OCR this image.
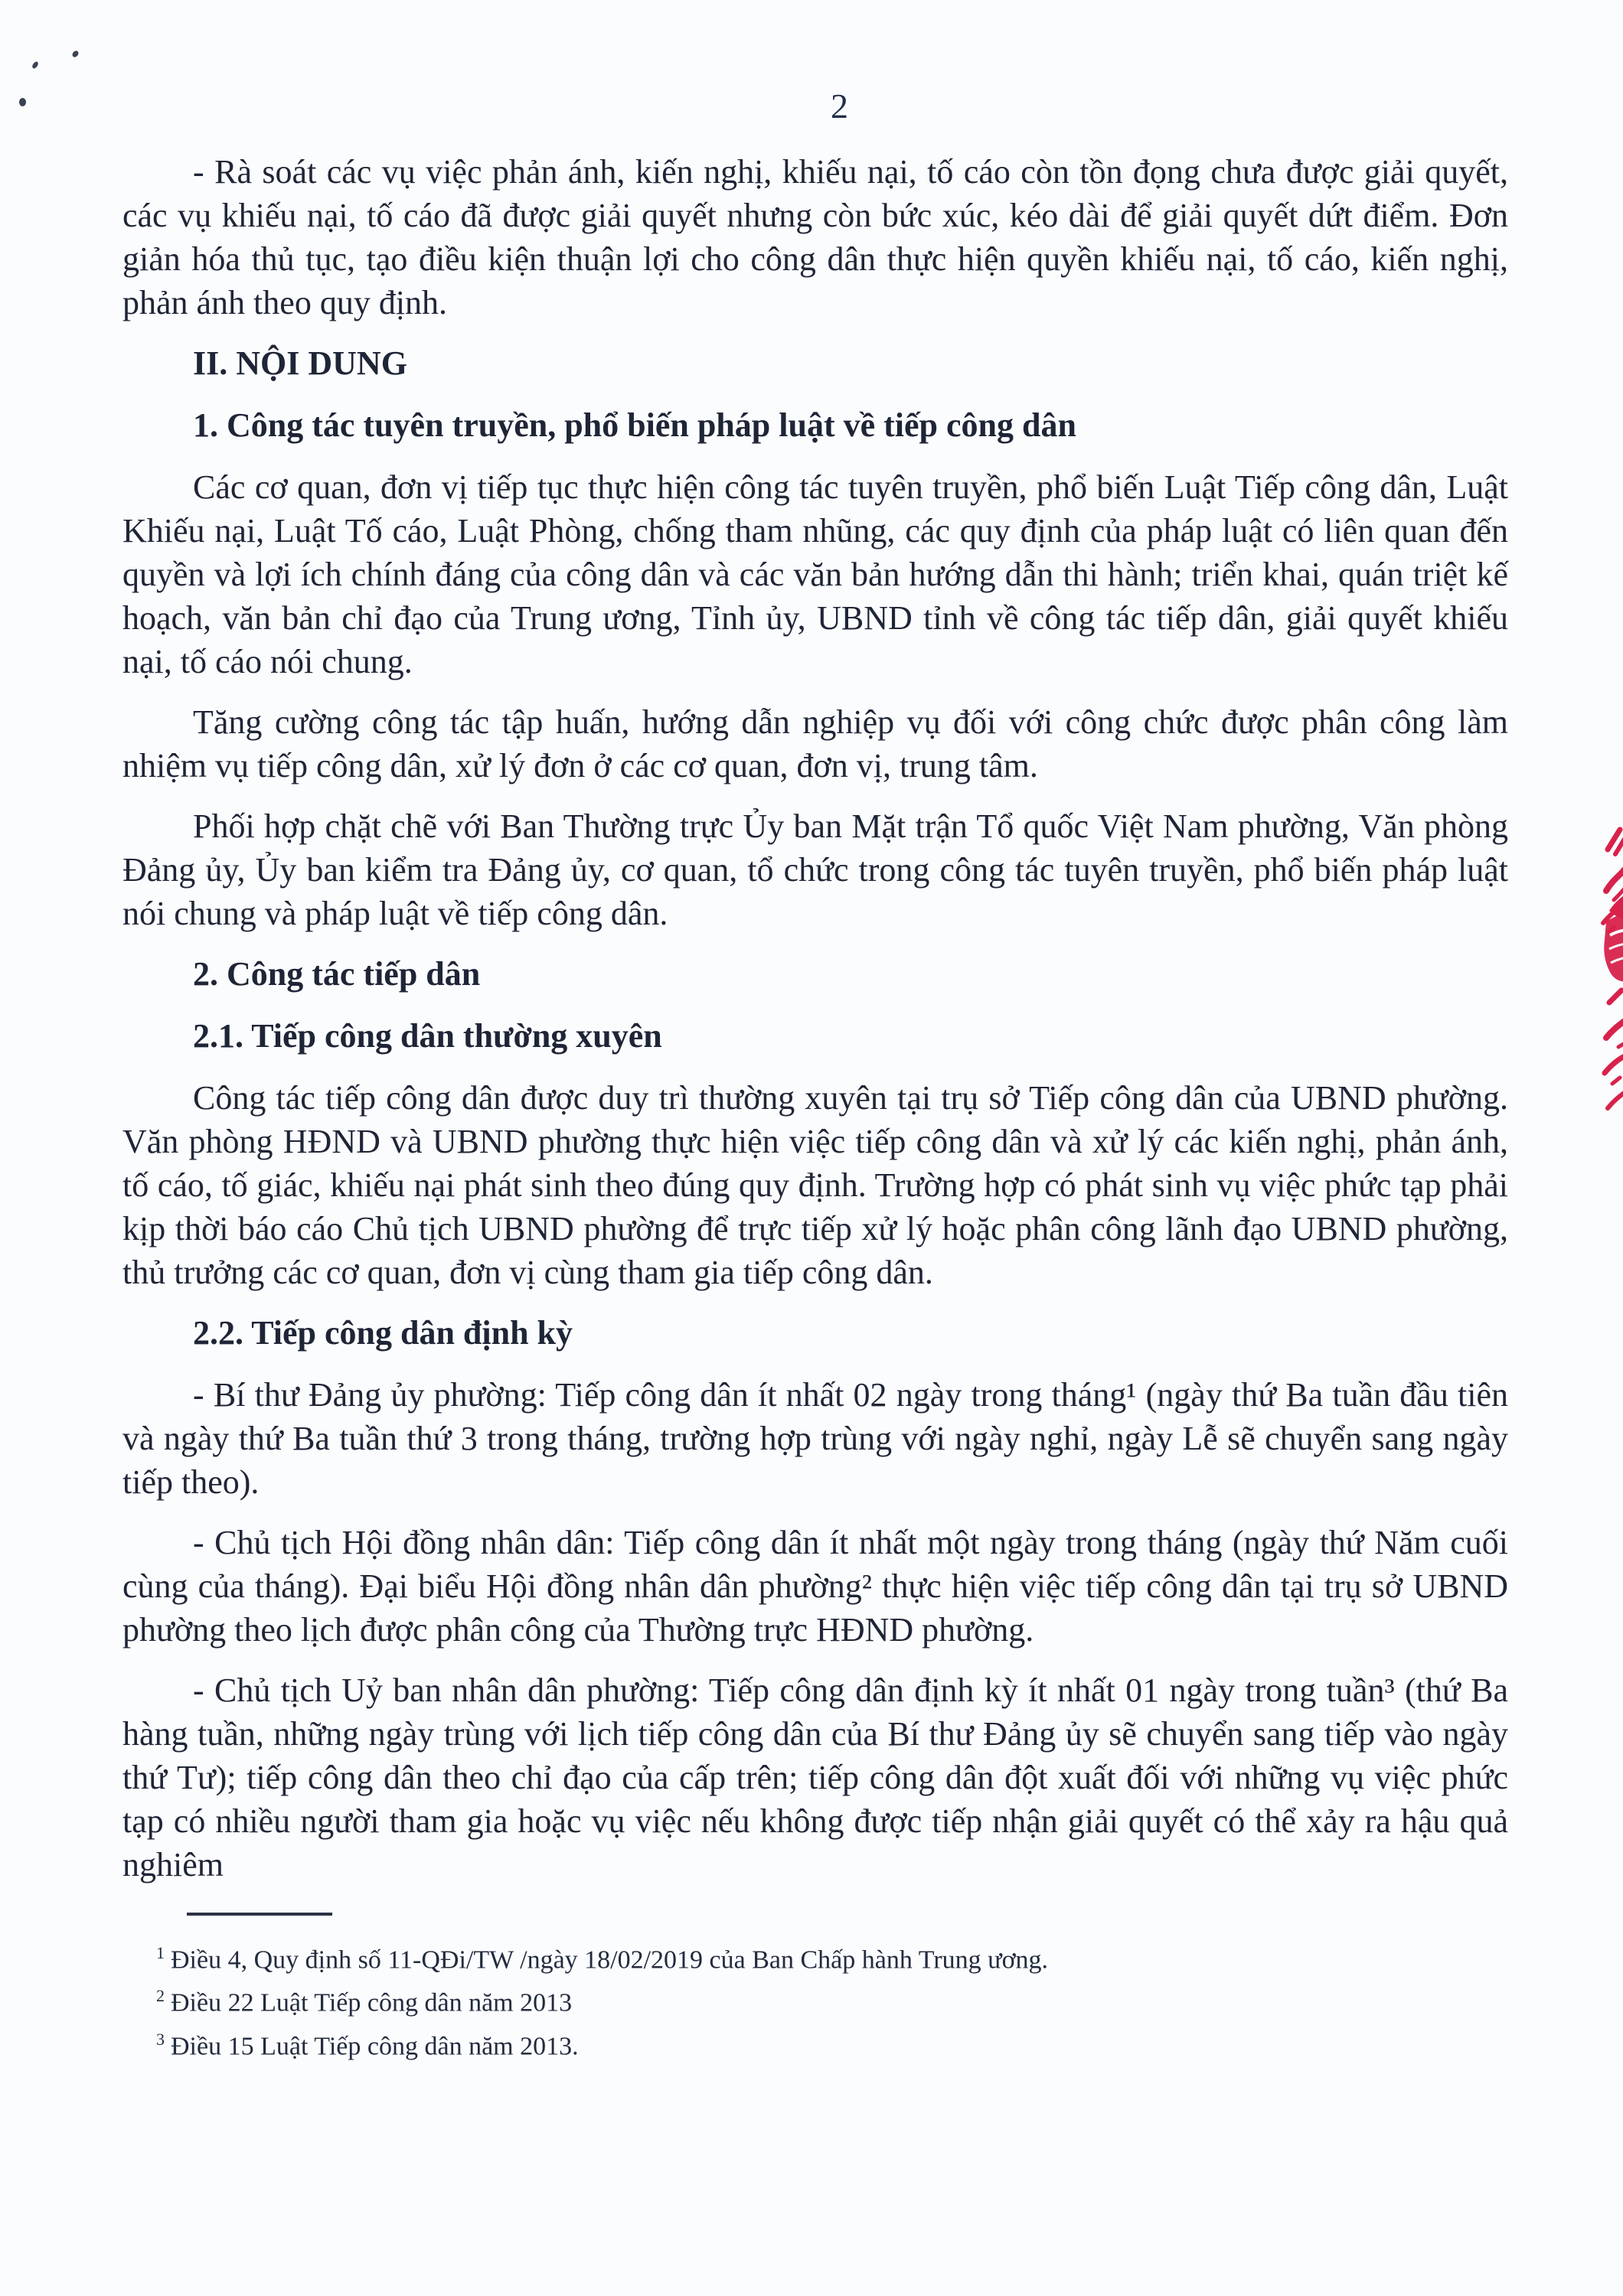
2

- Rà soát các vụ việc phản ánh, kiến nghị, khiếu nại, tố cáo còn tồn đọng chưa được giải quyết, các vụ khiếu nại, tố cáo đã được giải quyết nhưng còn bức xúc, kéo dài để giải quyết dứt điểm. Đơn giản hóa thủ tục, tạo điều kiện thuận lợi cho công dân thực hiện quyền khiếu nại, tố cáo, kiến nghị, phản ánh theo quy định.

II. NỘI DUNG

1. Công tác tuyên truyền, phổ biến pháp luật về tiếp công dân

Các cơ quan, đơn vị tiếp tục thực hiện công tác tuyên truyền, phổ biến Luật Tiếp công dân, Luật Khiếu nại, Luật Tố cáo, Luật Phòng, chống tham nhũng, các quy định của pháp luật có liên quan đến quyền và lợi ích chính đáng của công dân và các văn bản hướng dẫn thi hành; triển khai, quán triệt kế hoạch, văn bản chỉ đạo của Trung ương, Tỉnh ủy, UBND tỉnh về công tác tiếp dân, giải quyết khiếu nại, tố cáo nói chung.

Tăng cường công tác tập huấn, hướng dẫn nghiệp vụ đối với công chức được phân công làm nhiệm vụ tiếp công dân, xử lý đơn ở các cơ quan, đơn vị, trung tâm.

Phối hợp chặt chẽ với Ban Thường trực Ủy ban Mặt trận Tổ quốc Việt Nam phường, Văn phòng Đảng ủy, Ủy ban kiểm tra Đảng ủy, cơ quan, tổ chức trong công tác tuyên truyền, phổ biến pháp luật nói chung và pháp luật về tiếp công dân.

2. Công tác tiếp dân

2.1. Tiếp công dân thường xuyên

Công tác tiếp công dân được duy trì thường xuyên tại trụ sở Tiếp công dân của UBND phường. Văn phòng HĐND và UBND phường thực hiện việc tiếp công dân và xử lý các kiến nghị, phản ánh, tố cáo, tố giác, khiếu nại phát sinh theo đúng quy định. Trường hợp có phát sinh vụ việc phức tạp phải kịp thời báo cáo Chủ tịch UBND phường để trực tiếp xử lý hoặc phân công lãnh đạo UBND phường, thủ trưởng các cơ quan, đơn vị cùng tham gia tiếp công dân.

2.2. Tiếp công dân định kỳ

- Bí thư Đảng ủy phường: Tiếp công dân ít nhất 02 ngày trong tháng¹ (ngày thứ Ba tuần đầu tiên và ngày thứ Ba tuần thứ 3 trong tháng, trường hợp trùng với ngày nghỉ, ngày Lễ sẽ chuyển sang ngày tiếp theo).

- Chủ tịch Hội đồng nhân dân: Tiếp công dân ít nhất một ngày trong tháng (ngày thứ Năm cuối cùng của tháng). Đại biểu Hội đồng nhân dân phường² thực hiện việc tiếp công dân tại trụ sở UBND phường theo lịch được phân công của Thường trực HĐND phường.

- Chủ tịch Uỷ ban nhân dân phường: Tiếp công dân định kỳ ít nhất 01 ngày trong tuần³ (thứ Ba hàng tuần, những ngày trùng với lịch tiếp công dân của Bí thư Đảng ủy sẽ chuyển sang tiếp vào ngày thứ Tư); tiếp công dân theo chỉ đạo của cấp trên; tiếp công dân đột xuất đối với những vụ việc phức tạp có nhiều người tham gia hoặc vụ việc nếu không được tiếp nhận giải quyết có thể xảy ra hậu quả nghiêm

$^1$ Điều 4, Quy định số 11-QĐi/TW /ngày 18/02/2019 của Ban Chấp hành Trung ương.
$^2$ Điều 22 Luật Tiếp công dân năm 2013
$^3$ Điều 15 Luật Tiếp công dân năm 2013.
